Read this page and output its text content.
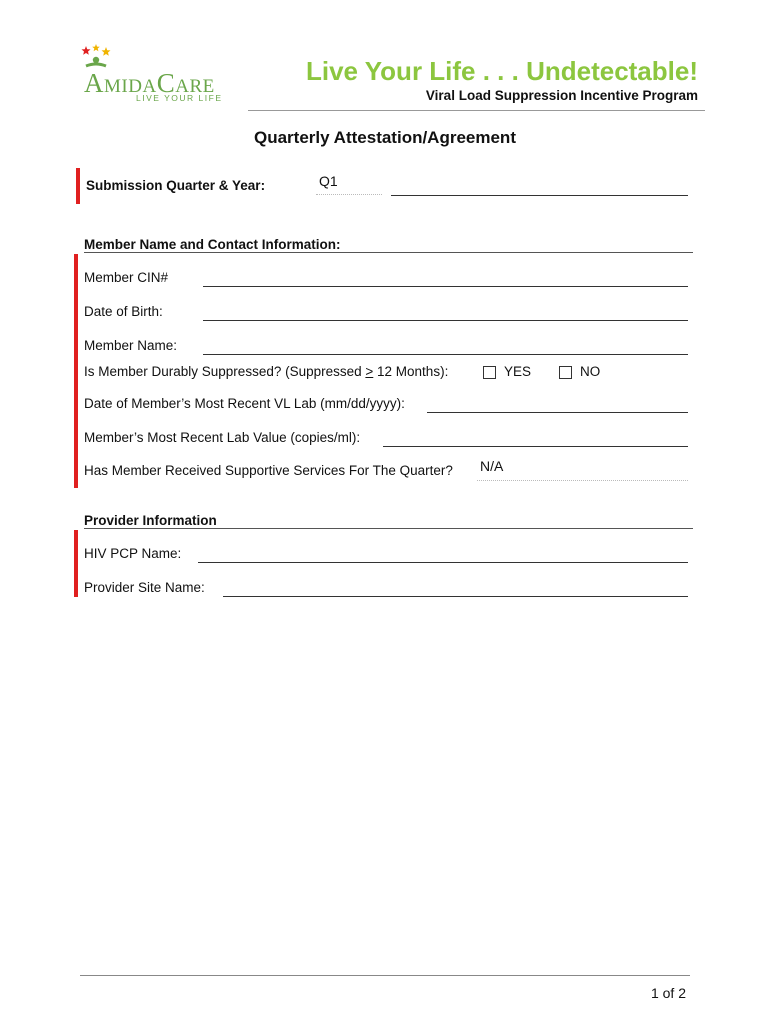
AMIDACARE
LIVE YOUR LIFE
Live Your Life . . . Undetectable!
Viral Load Suppression Incentive Program
Quarterly Attestation/Agreement
Submission Quarter & Year:	Q1
Member Name and Contact Information:
Member CIN#
Date of Birth:
Member Name:
Is Member Durably Suppressed? (Suppressed > 12 Months):	YES	NO
Date of Member’s Most Recent VL Lab (mm/dd/yyyy):
Member’s Most Recent Lab Value (copies/ml):
Has Member Received Supportive Services For The Quarter? N/A
Provider Information
HIV PCP Name:
Provider Site Name:
1 of 2
